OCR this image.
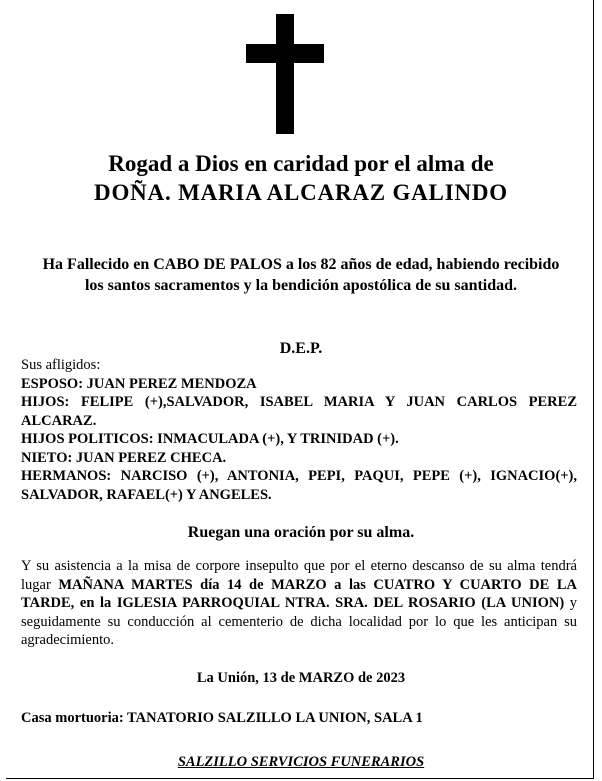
Rogad a Dios en caridad por el alma de
DOÑA. MARIA ALCARAZ GALINDO
Ha Fallecido en CABO DE PALOS a los 82 años de edad, habiendo recibido los santos sacramentos y la bendición apostólica de su santidad.
D.E.P.
Sus afligidos:
ESPOSO: JUAN PEREZ MENDOZA
HIJOS: FELIPE (+),SALVADOR, ISABEL MARIA Y JUAN CARLOS PEREZ ALCARAZ.
HIJOS POLITICOS: INMACULADA (+), Y TRINIDAD (+).
NIETO: JUAN PEREZ CHECA.
HERMANOS: NARCISO (+), ANTONIA, PEPI, PAQUI, PEPE (+), IGNACIO(+), SALVADOR, RAFAEL(+) Y ANGELES.
Ruegan una oración por su alma.
Y su asistencia a la misa de corpore insepulto que por el eterno descanso de su alma tendrá lugar MAÑANA MARTES día 14 de MARZO a las CUATRO Y CUARTO DE LA TARDE, en la IGLESIA PARROQUIAL NTRA. SRA. DEL ROSARIO (LA UNION) y seguidamente su conducción al cementerio de dicha localidad por lo que les anticipan su agradecimiento.
La Unión, 13 de MARZO de 2023
Casa mortuoria: TANATORIO SALZILLO LA UNION, SALA 1
SALZILLO SERVICIOS FUNERARIOS
